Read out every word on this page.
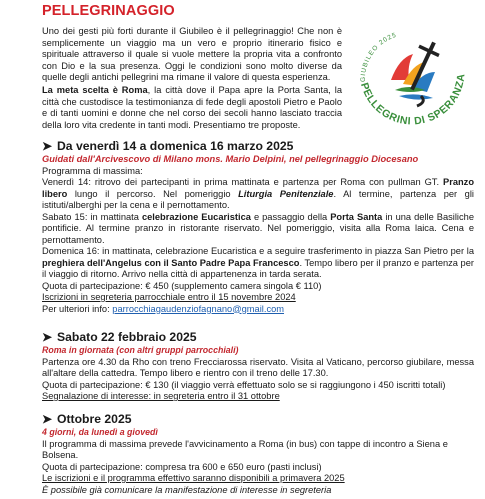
PELLEGRINAGGIO

Uno dei gesti più forti durante il Giubileo è il pellegrinaggio! Che non è semplicemente un viaggio ma un vero e proprio itinerario fisico e spirituale attraverso il quale si vuole mettere la propria vita a confronto con Dio e la sua presenza. Oggi le condizioni sono molto diverse da quelle degli antichi pellegrini ma rimane il valore di questa esperienza.

La meta scelta è Roma, la città dove il Papa apre la Porta Santa, la città che custodisce la testimonianza di fede degli apostoli Pietro e Paolo e di tanti uomini e donne che nel corso dei secoli hanno lasciato traccia della loro vita credente in tanti modi. Presentiamo tre proposte.

GIUBILEO 2025
PELLEGRINI DI SPERANZA
➤ Da venerdì 14 a domenica 16 marzo 2025

Guidati dall'Arcivescovo di Milano mons. Mario Delpini, nel pellegrinaggio Diocesano

Programma di massima:

Venerdì 14: ritrovo dei partecipanti in prima mattinata e partenza per Roma con pullman GT. Pranzo libero lungo il percorso. Nel pomeriggio Liturgia Penitenziale. Al termine, partenza per gli istituti/alberghi per la cena e il pernottamento.

Sabato 15: in mattinata celebrazione Eucaristica e passaggio della Porta Santa in una delle Basiliche pontificie. Al termine pranzo in ristorante riservato. Nel pomeriggio, visita alla Roma laica. Cena e pernottamento.

Domenica 16: in mattinata, celebrazione Eucaristica e a seguire trasferimento in piazza San Pietro per la preghiera dell'Angelus con il Santo Padre Papa Francesco. Tempo libero per il pranzo e partenza per il viaggio di ritorno. Arrivo nella città di appartenenza in tarda serata.

Quota di partecipazione: € 450 (supplemento camera singola € 110)

Iscrizioni in segreteria parrocchiale entro il 15 novembre 2024

Per ulteriori info: parrocchiagaudenziofagnano@gmail.com

➤ Sabato 22 febbraio 2025

Roma in giornata (con altri gruppi parrocchiali)

Partenza ore 4.30 da Rho con treno Frecciarossa riservato. Visita al Vaticano, percorso giubilare, messa all'altare della cattedra. Tempo libero e rientro con il treno delle 17.30.

Quota di partecipazione: € 130 (il viaggio verrà effettuato solo se si raggiungono i 450 iscritti totali)

Segnalazione di interesse: in segreteria entro il 31 ottobre

➤ Ottobre 2025

4 giorni, da lunedì a giovedì

Il programma di massima prevede l'avvicinamento a Roma (in bus) con tappe di incontro a Siena e Bolsena.

Quota di partecipazione: compresa tra 600 e 650 euro (pasti inclusi)

Le iscrizioni e il programma effettivo saranno disponibili a primavera 2025

È possibile già comunicare la manifestazione di interesse in segreteria
